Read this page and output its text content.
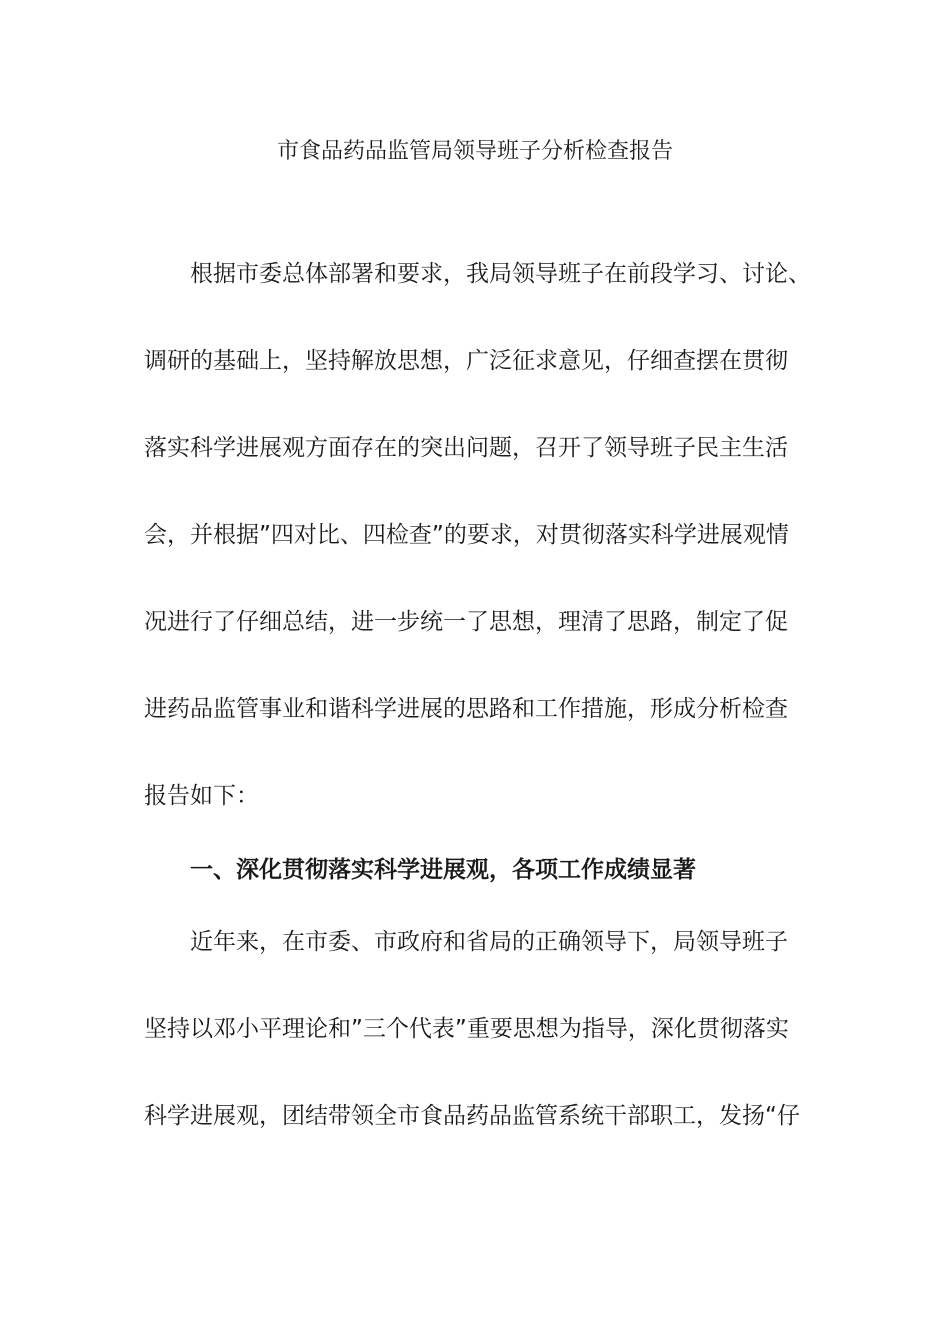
市食品药品监管局领导班子分析检查报告
根据市委总体部署和要求，我局领导班子在前段学习、讨论、
调研的基础上，坚持解放思想，广泛征求意见，仔细查摆在贯彻
落实科学进展观方面存在的突出问题，召开了领导班子民主生活
会，并根据”四对比、四检查”的要求，对贯彻落实科学进展观情
况进行了仔细总结，进一步统一了思想，理清了思路，制定了促
进药品监管事业和谐科学进展的思路和工作措施，形成分析检查
报告如下：
一、深化贯彻落实科学进展观，各项工作成绩显著
近年来，在市委、市政府和省局的正确领导下，局领导班子
坚持以邓小平理论和”三个代表”重要思想为指导，深化贯彻落实
科学进展观，团结带领全市食品药品监管系统干部职工，发扬“仔
